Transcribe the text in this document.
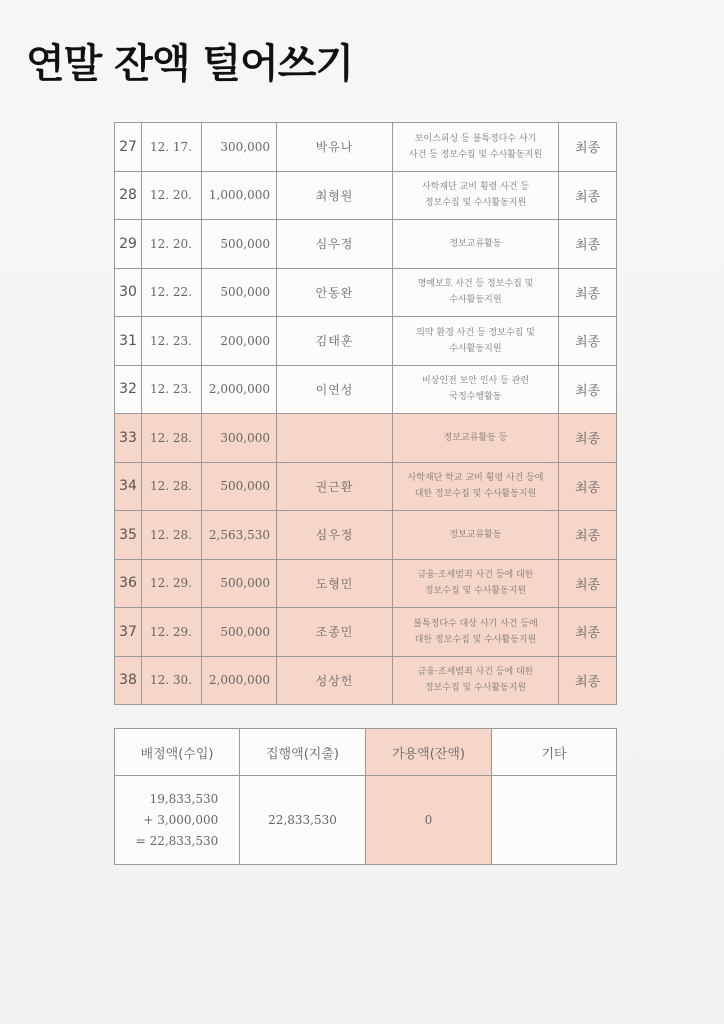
연말 잔액 털어쓰기
27	12. 17.	300,000	박유나	보이스피싱 등 불특정다수 사기
사건 등 정보수집 및 수사활동지원	최종
28	12. 20.	1,000,000	최형원	사학재단 교비 횡령 사건 등
정보수집 및 수사활동지원	최종
29	12. 20.	500,000	심우정	정보교류활동	최종
30	12. 22.	500,000	안동완	명예보호 사건 등 정보수집 및
수사활동지원	최종
31	12. 23.	200,000	김태훈	의약 환경 사건 등 정보수집 및
수사활동지원	최종
32	12. 23.	2,000,000	이연성	비상인전 보안 인사 등 관련
국정수행활동	최종
33	12. 28.	300,000		정보교류활동 등	최종
34	12. 28.	500,000	권근환	사학재단 학교 교비 횡령 사건 등에
대한 정보수집 및 수사활동지원	최종
35	12. 28.	2,563,530	심우정	정보교류활동	최종
36	12. 29.	500,000	도형민	금융·조세범죄 사건 등에 대한
정보수집 및 수사활동지원	최종
37	12. 29.	500,000	조종민	불특정다수 대상 사기 사건 등에
대한 정보수집 및 수사활동지원	최종
38	12. 30.	2,000,000	성상헌	금융·조세범죄 사건 등에 대한
정보수집 및 수사활동지원	최종
배정액(수입)	집행액(지출)	가용액(잔액)	기타
19,833,530
+ 3,000,000
= 22,833,530	22,833,530	0	
